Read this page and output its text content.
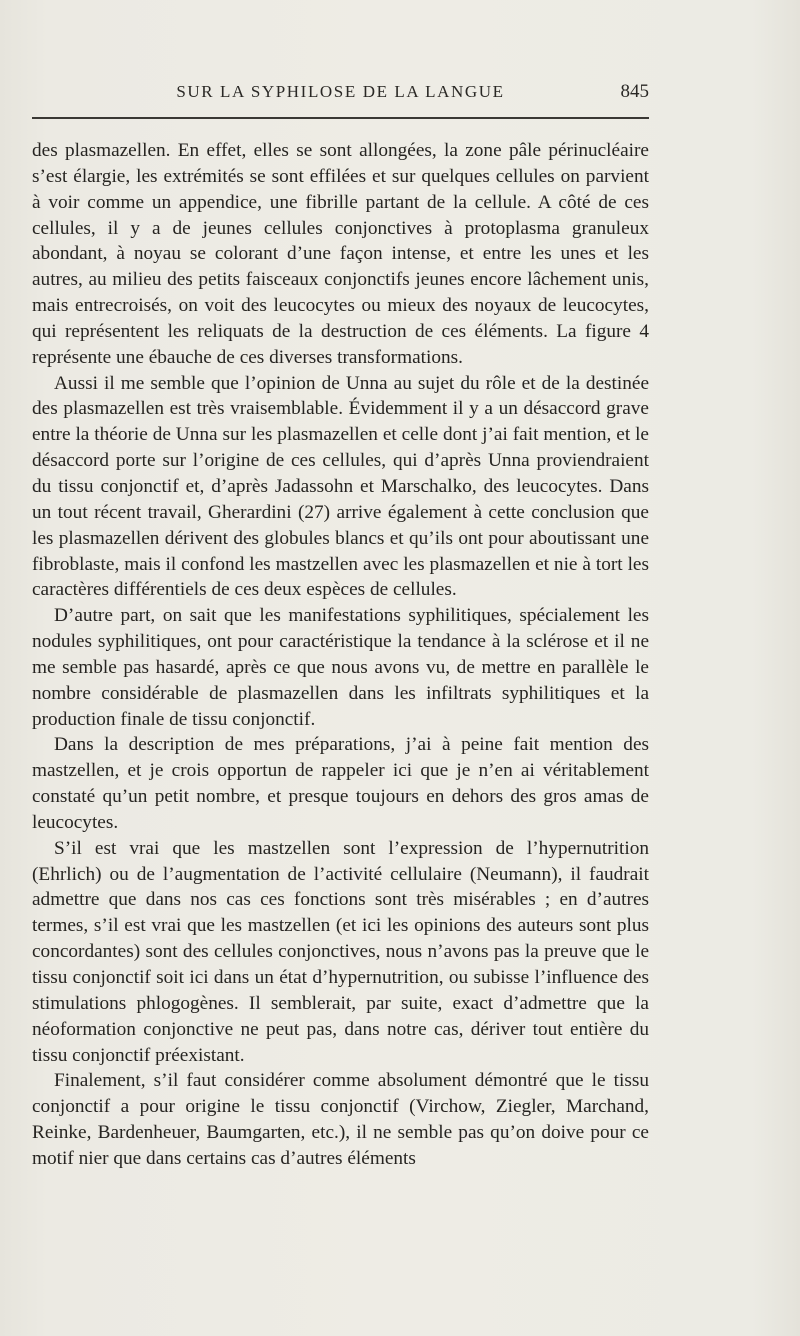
SUR LA SYPHILOSE DE LA LANGUE	845

des plasmazellen. En effet, elles se sont allongées, la zone pâle périnucléaire s’est élargie, les extrémités se sont effilées et sur quelques cellules on parvient à voir comme un appendice, une fibrille partant de la cellule. A côté de ces cellules, il y a de jeunes cellules conjonctives à protoplasma granuleux abondant, à noyau se colorant d’une façon intense, et entre les unes et les autres, au milieu des petits faisceaux conjonctifs jeunes encore lâchement unis, mais entrecroisés, on voit des leucocytes ou mieux des noyaux de leucocytes, qui représentent les reliquats de la destruction de ces éléments. La figure 4 représente une ébauche de ces diverses transformations.

Aussi il me semble que l’opinion de Unna au sujet du rôle et de la destinée des plasmazellen est très vraisemblable. Évidemment il y a un désaccord grave entre la théorie de Unna sur les plasmazellen et celle dont j’ai fait mention, et le désaccord porte sur l’origine de ces cellules, qui d’après Unna proviendraient du tissu conjonctif et, d’après Jadassohn et Marschalko, des leucocytes. Dans un tout récent travail, Gherardini (27) arrive également à cette conclusion que les plasmazellen dérivent des globules blancs et qu’ils ont pour aboutissant une fibroblaste, mais il confond les mastzellen avec les plasmazellen et nie à tort les caractères différentiels de ces deux espèces de cellules.

D’autre part, on sait que les manifestations syphilitiques, spécialement les nodules syphilitiques, ont pour caractéristique la tendance à la sclérose et il ne me semble pas hasardé, après ce que nous avons vu, de mettre en parallèle le nombre considérable de plasmazellen dans les infiltrats syphilitiques et la production finale de tissu conjonctif.

Dans la description de mes préparations, j’ai à peine fait mention des mastzellen, et je crois opportun de rappeler ici que je n’en ai véritablement constaté qu’un petit nombre, et presque toujours en dehors des gros amas de leucocytes.

S’il est vrai que les mastzellen sont l’expression de l’hypernutrition (Ehrlich) ou de l’augmentation de l’activité cellulaire (Neumann), il faudrait admettre que dans nos cas ces fonctions sont très misérables ; en d’autres termes, s’il est vrai que les mastzellen (et ici les opinions des auteurs sont plus concordantes) sont des cellules conjonctives, nous n’avons pas la preuve que le tissu conjonctif soit ici dans un état d’hypernutrition, ou subisse l’influence des stimulations phlogogènes. Il semblerait, par suite, exact d’admettre que la néoformation conjonctive ne peut pas, dans notre cas, dériver tout entière du tissu conjonctif préexistant.

Finalement, s’il faut considérer comme absolument démontré que le tissu conjonctif a pour origine le tissu conjonctif (Virchow, Ziegler, Marchand, Reinke, Bardenheuer, Baumgarten, etc.), il ne semble pas qu’on doive pour ce motif nier que dans certains cas d’autres éléments
